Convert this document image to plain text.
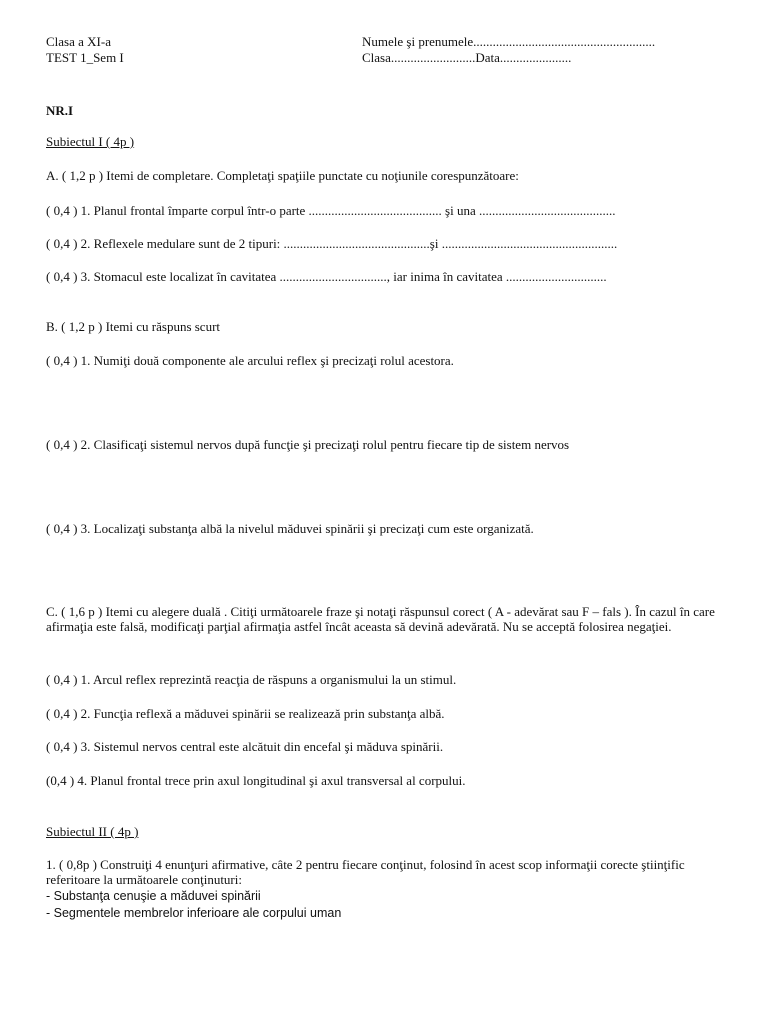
Clasa a XI-a
TEST 1_Sem I
Numele şi prenumele........................................................
Clasa..........................Data......................
NR.I
Subiectul I ( 4p )
A. ( 1,2 p ) Itemi de completare. Completaţi spaţiile punctate cu noţiunile corespunzătoare:
( 0,4 ) 1. Planul frontal împarte corpul într-o parte ......................................... şi una ..........................................
( 0,4 ) 2. Reflexele medulare sunt de 2 tipuri: .............................................şi ......................................................
( 0,4 ) 3. Stomacul este localizat în cavitatea ................................., iar inima în cavitatea ...............................
B. ( 1,2 p ) Itemi cu răspuns scurt
( 0,4 ) 1. Numiţi două componente ale arcului reflex şi precizaţi rolul acestora.
( 0,4 ) 2. Clasificaţi sistemul nervos după funcţie şi precizaţi rolul pentru fiecare tip de sistem nervos
( 0,4 ) 3. Localizaţi substanţa albă la nivelul măduvei spinării şi precizaţi cum este organizată.
C. ( 1,6 p ) Itemi cu alegere duală . Citiţi următoarele fraze şi notaţi răspunsul corect ( A - adevărat sau F – fals ). În cazul în care afirmaţia este falsă, modificaţi parţial afirmaţia astfel încât aceasta să devină adevărată. Nu se acceptă folosirea negaţiei.
( 0,4 ) 1. Arcul reflex reprezintă reacţia de răspuns a organismului la un stimul.
( 0,4 ) 2. Funcţia reflexă a măduvei spinării se realizează prin substanţa albă.
( 0,4 ) 3. Sistemul nervos central este alcătuit din encefal şi măduva spinării.
(0,4 ) 4. Planul frontal trece prin axul longitudinal şi axul transversal al corpului.
Subiectul II ( 4p )
1. ( 0,8p ) Construiţi 4 enunţuri afirmative, câte 2 pentru fiecare conţinut, folosind în acest scop informaţii corecte ştiinţific referitoare la următoarele conţinuturi:
- Substanţa cenuşie a măduvei spinării
- Segmentele membrelor inferioare ale corpului uman
